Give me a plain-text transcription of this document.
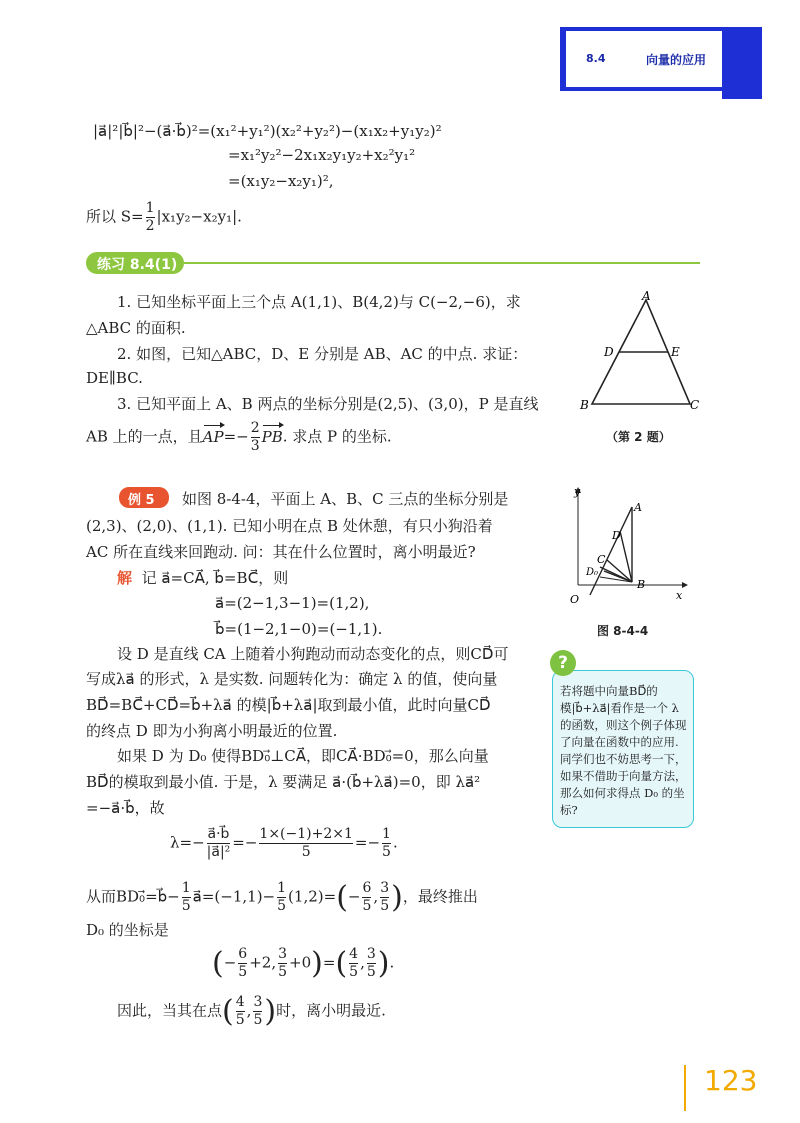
8.4	向量的应用
|a⃗|²|b⃗|²−(a⃗·b⃗)²=(x₁²+y₁²)(x₂²+y₂²)−(x₁x₂+y₁y₂)²
=x₁²y₂²−2x₁x₂y₁y₂+x₂²y₁²
=(x₁y₂−x₂y₁)²,
所以 $S= \frac{1}{2} |x_1y_2-x_2y_1|$.
练习 8.4(1)
1. 已知坐标平面上三个点 A(1,1)、B(4,2)与 C(−2,−6)，求
△ABC 的面积.
2. 如图，已知△ABC，D、E 分别是 AB、AC 的中点. 求证：
DE∥BC.
3. 已知平面上 A、B 两点的坐标分别是(2,5)、(3,0)，P 是直线
AB 上的一点，且$AP=- \frac{2}{3}$ PB. 求点 P 的坐标.
A
D	E
B	C
（第 2 题）
例 5 如图 8-4-4，平面上 A、B、C 三点的坐标分别是
(2,3)、(2,0)、(1,1). 已知小明在点 B 处休憩，有只小狗沿着
AC 所在直线来回跑动. 问：其在什么位置时，离小明最近?
解 记 a⃗=CA⃗, b⃗=BC⃗，则
a⃗=(2−1,3−1)=(1,2),
b⃗=(1−2,1−0)=(−1,1).
设 D 是直线 CA 上随着小狗跑动而动态变化的点，则CD⃗可
写成λa⃗ 的形式，λ 是实数. 问题转化为：确定 λ 的值，使向量
BD⃗=BC⃗+CD⃗=b⃗+λa⃗ 的模|b⃗+λa⃗|取到最小值，此时向量CD⃗
的终点 D 即为小狗离小明最近的位置.
如果 D 为 D₀ 使得BD₀⃗⊥CA⃗，即CA⃗·BD₀⃗=0，那么向量
BD⃗的模取到最小值. 于是，λ 要满足 a⃗·(b⃗+λa⃗)=0，即 λa⃗²
=−a⃗·b⃗，故
$\lambda=- \frac{a⃗\cdot b⃗}{\text{|a⃗|²}} =- \frac{1\times(-1)+2\times 1}{5} =- \frac{1}{5}$ .
从而BD₀⃗=b⃗− $\frac{1}{5}$ a⃗=(−1,1)− $\frac{1}{5} (1,2)=(- \frac{6}{5}$ , $\frac{3}{5}$ )，最终推出
D₀ 的坐标是
(− $\frac{6}{5} +2$, $\frac{3}{5} +0)=( \frac{4}{5}$ , $\frac{3}{5}$ ).
因此，当其在点( $\frac{4}{5}$ , $\frac{3}{5}$ )时，离小明最近.
y
x
O
A
B
C
D
D₀
图 8-4-4
?
若将题中向量BD⃗的模|b⃗+λa⃗|看作是一个 λ 的函数，则这个例子体现了向量在函数中的应用. 同学们也不妨思考一下，如果不借助于向量方法，那么如何求得点 D₀ 的坐标?
123
